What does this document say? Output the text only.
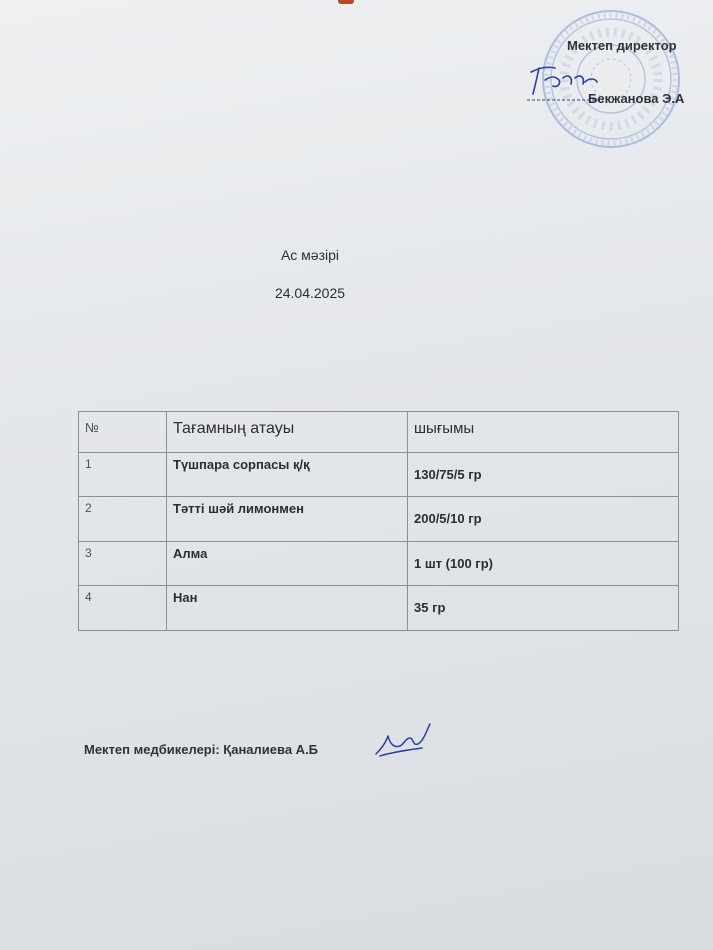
Мектеп директор
Бекжанова Э.А
Ас мәзірі
24.04.2025
№	Тағамның атауы	шығымы
1	Түшпара сорпасы қ/қ	130/75/5 гр
2	Тәтті шәй лимонмен	200/5/10 гр
3	Алма	1 шт (100 гр)
4	Нан	35 гр
Мектеп медбикелері: Қаналиева А.Б
